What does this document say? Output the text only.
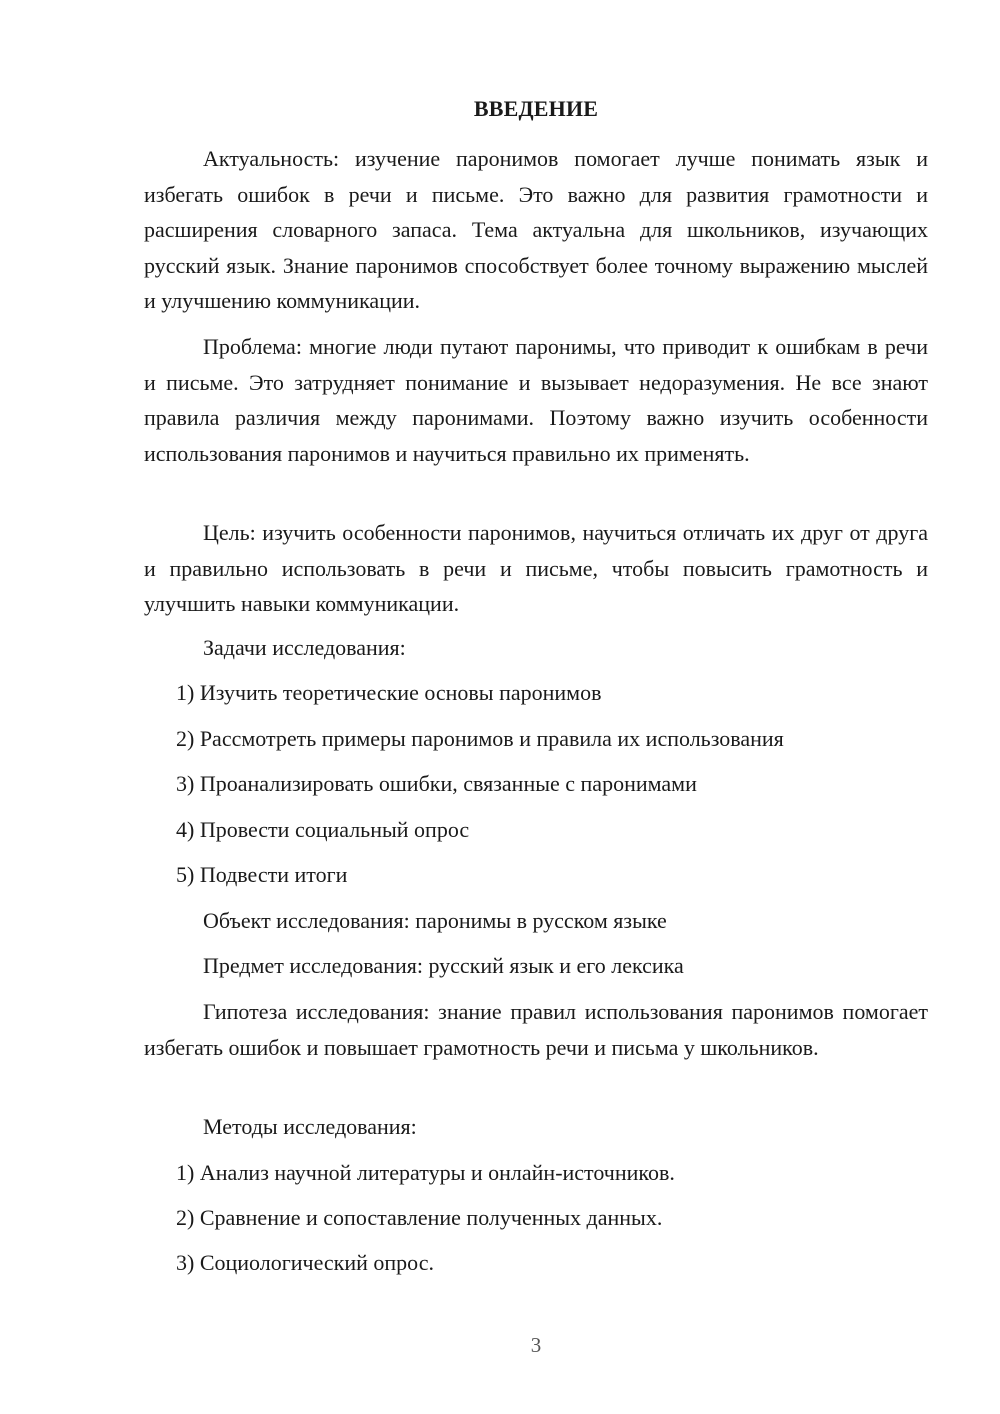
ВВЕДЕНИЕ

Актуальность: изучение паронимов помогает лучше понимать язык и избегать ошибок в речи и письме. Это важно для развития грамотности и расширения словарного запаса. Тема актуальна для школьников, изучающих русский язык. Знание паронимов способствует более точному выражению мыслей и улучшению коммуникации.

Проблема: многие люди путают паронимы, что приводит к ошибкам в речи и письме. Это затрудняет понимание и вызывает недоразумения. Не все знают правила различия между паронимами. Поэтому важно изучить особенности использования паронимов и научиться правильно их применять.

Цель: изучить особенности паронимов, научиться отличать их друг от друга и правильно использовать в речи и письме, чтобы повысить грамотность и улучшить навыки коммуникации.

Задачи исследования:

1) Изучить теоретические основы паронимов

2) Рассмотреть примеры паронимов и правила их использования

3) Проанализировать ошибки, связанные с паронимами

4) Провести социальный опрос

5) Подвести итоги

Объект исследования: паронимы в русском языке

Предмет исследования: русский язык и его лексика

Гипотеза исследования: знание правил использования паронимов помогает избегать ошибок и повышает грамотность речи и письма у школьников.

Методы исследования:

1) Анализ научной литературы и онлайн-источников.

2) Сравнение и сопоставление полученных данных.

3) Социологический опрос.

3
